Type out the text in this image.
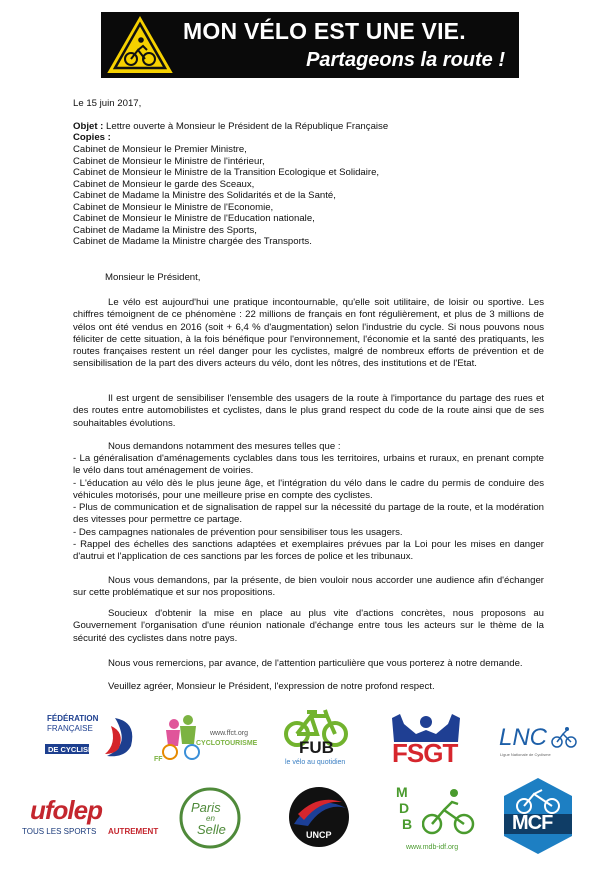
MON VÉLO EST UNE VIE.
Partageons la route !
Le 15 juin 2017,
Objet : Lettre ouverte à Monsieur le Président de la République Française
Copies :
Cabinet de Monsieur le Premier Ministre,
Cabinet de Monsieur le Ministre de l'intérieur,
Cabinet de Monsieur le Ministre de la Transition Ecologique et Solidaire,
Cabinet de Monsieur le garde des Sceaux,
Cabinet de Madame la Ministre des Solidarités et de la Santé,
Cabinet de Monsieur le Ministre de l'Economie,
Cabinet de Monsieur le Ministre de l'Education nationale,
Cabinet de Madame la Ministre des Sports,
Cabinet de Madame la Ministre chargée des Transports.
Monsieur le Président,
Le vélo est aujourd'hui une pratique incontournable, qu'elle soit utilitaire, de loisir ou sportive. Les chiffres témoignent de ce phénomène : 22 millions de français en font régulièrement, et plus de 3 millions de vélos ont été vendus en 2016 (soit + 6,4 % d'augmentation) selon l'industrie du cycle. Si nous pouvons nous féliciter de cette situation, à la fois bénéfique pour l'environnement, l'économie et la santé des pratiquants, les routes françaises restent un réel danger pour les cyclistes, malgré de nombreux efforts de prévention et de sensibilisation de la part des divers acteurs du vélo, dont les nôtres, des institutions et de l'Etat.
Il est urgent de sensibiliser l'ensemble des usagers de la route à l'importance du partage des rues et des routes entre automobilistes et cyclistes, dans le plus grand respect du code de la route ainsi que de ses souhaitables évolutions.
Nous demandons notamment des mesures telles que :
- La généralisation d'aménagements cyclables dans tous les territoires, urbains et ruraux, en prenant compte le vélo dans tout aménagement de voiries.
- L'éducation au vélo dès le plus jeune âge, et l'intégration du vélo dans le cadre du permis de conduire des véhicules motorisés, pour une meilleure prise en compte des cyclistes.
- Plus de communication et de signalisation de rappel sur la nécessité du partage de la route, et la modération des vitesses pour permettre ce partage.
- Des campagnes nationales de prévention pour sensibiliser tous les usagers.
- Rappel des échelles des sanctions adaptées et exemplaires prévues par la Loi pour les mises en danger d'autrui et l'application de ces sanctions par les forces de police et les tribunaux.
Nous vous demandons, par la présente, de bien vouloir nous accorder une audience afin d'échanger sur cette problématique et sur nos propositions.
Soucieux d'obtenir la mise en place au plus vite d'actions concrètes, nous proposons au Gouvernement l'organisation d'une réunion nationale d'échange entre tous les acteurs sur le thème de la sécurité des cyclistes dans notre pays.
Nous vous remercions, par avance, de l'attention particulière que vous porterez à notre demande.
Veuillez agréer, Monsieur le Président, l'expression de notre profond respect.
FÉDÉRATION
FRANÇAISE
DE CYCLISME
www.ffct.org
FF
CYCLOTOURISME FUB
le vélo au quotidien FSGT
LNC
Ligue Nationale de Cyclisme
ufolep
TOUS LES SPORTS AUTREMENT
Paris
en
Selle	UNCP
M
D
B
www.mdb-idf.org
MCF
